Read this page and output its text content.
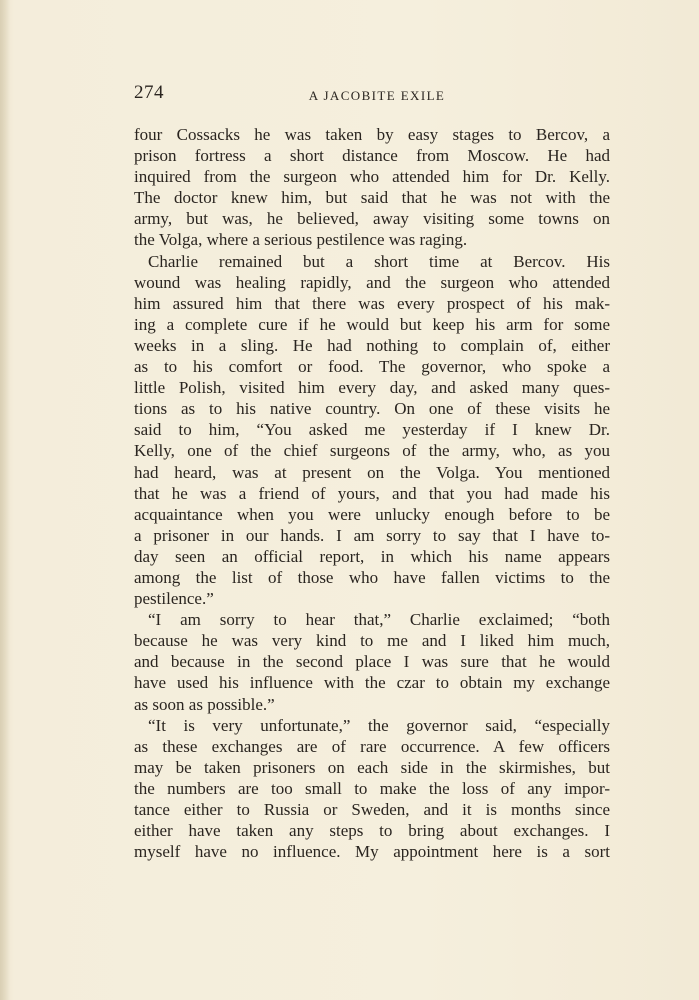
274	A JACOBITE EXILE
four Cossacks he was taken by easy stages to Bercov, a
prison fortress a short distance from Moscow. He had
inquired from the surgeon who attended him for Dr. Kelly.
The doctor knew him, but said that he was not with the
army, but was, he believed, away visiting some towns on
the Volga, where a serious pestilence was raging.
Charlie remained but a short time at Bercov. His
wound was healing rapidly, and the surgeon who attended
him assured him that there was every prospect of his mak-
ing a complete cure if he would but keep his arm for some
weeks in a sling. He had nothing to complain of, either
as to his comfort or food. The governor, who spoke a
little Polish, visited him every day, and asked many ques-
tions as to his native country. On one of these visits he
said to him, “You asked me yesterday if I knew Dr.
Kelly, one of the chief surgeons of the army, who, as you
had heard, was at present on the Volga. You mentioned
that he was a friend of yours, and that you had made his
acquaintance when you were unlucky enough before to be
a prisoner in our hands. I am sorry to say that I have to-
day seen an official report, in which his name appears
among the list of those who have fallen victims to the
pestilence.”
“I am sorry to hear that,” Charlie exclaimed; “both
because he was very kind to me and I liked him much,
and because in the second place I was sure that he would
have used his influence with the czar to obtain my exchange
as soon as possible.”
“It is very unfortunate,” the governor said, “especially
as these exchanges are of rare occurrence. A few officers
may be taken prisoners on each side in the skirmishes, but
the numbers are too small to make the loss of any impor-
tance either to Russia or Sweden, and it is months since
either have taken any steps to bring about exchanges. I
myself have no influence. My appointment here is a sort
